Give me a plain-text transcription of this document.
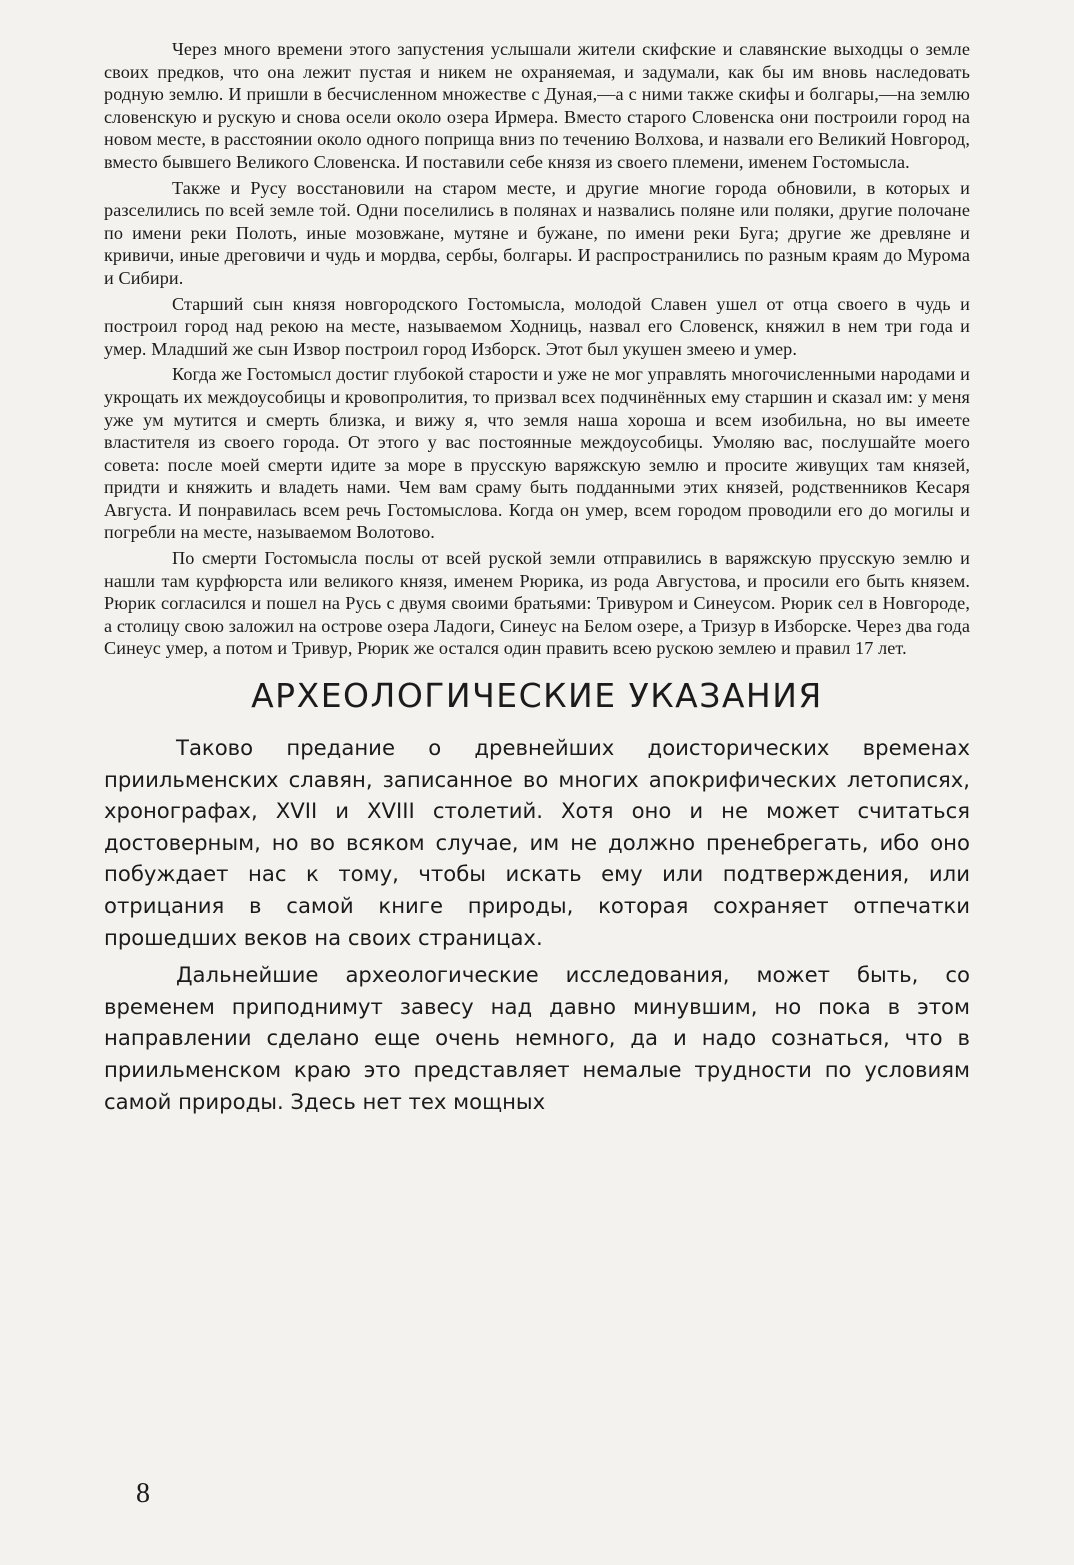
Через много времени этого запустения услышали жители скифские и славянские выходцы о земле своих предков, что она лежит пустая и никем не охраняемая, и задумали, как бы им вновь наследовать родную землю. И пришли в бесчисленном множестве с Дуная,—а с ними также скифы и болгары,—на землю словенскую и рускую и снова осели около озера Ирмера. Вместо старого Словенска они построили город на новом месте, в расстоянии около одного поприща вниз по течению Волхова, и назвали его Великий Новгород, вместо бывшего Великого Словенска. И поставили себе князя из своего племени, именем Гостомысла.

Также и Русу восстановили на старом месте, и другие многие города обновили, в которых и разселились по всей земле той. Одни поселились в полянах и назвались поляне или поляки, другие полочане по имени реки Полоть, иные мозовжане, мутяне и бужане, по имени реки Буга; другие же древляне и кривичи, иные дреговичи и чудь и мордва, сербы, болгары. И распространились по разным краям до Мурома и Сибири.

Старший сын князя новгородского Гостомысла, молодой Славен ушел от отца своего в чудь и построил город над рекою на месте, называемом Ходниць, назвал его Словенск, княжил в нем три года и умер. Младший же сын Извор построил город Изборск. Этот был укушен змеею и умер.

Когда же Гостомысл достиг глубокой старости и уже не мог управлять многочисленными народами и укрощать их междоусобицы и кровопролития, то призвал всех подчинённых ему старшин и сказал им: у меня уже ум мутится и смерть близка, и вижу я, что земля наша хороша и всем изобильна, но вы имеете властителя из своего города. От этого у вас постоянные междоусобицы. Умоляю вас, послушайте моего совета: после моей смерти идите за море в прусскую варяжскую землю и просите живущих там князей, придти и княжить и владеть нами. Чем вам сраму быть подданными этих князей, родственников Кесаря Августа. И понравилась всем речь Гостомыслова. Когда он умер, всем городом проводили его до могилы и погребли на месте, называемом Волотово.

По смерти Гостомысла послы от всей руской земли отправились в варяжскую прусскую землю и нашли там курфюрста или великого князя, именем Рюрика, из рода Августова, и просили его быть князем. Рюрик согласился и пошел на Русь с двумя своими братьями: Тривуром и Синеусом. Рюрик сел в Новгороде, а столицу свою заложил на острове озера Ладоги, Синеус на Белом озере, а Тризур в Изборске. Через два года Синеус умер, а потом и Тривур, Рюрик же остался один править всею рускою землею и правил 17 лет.

АРХЕОЛОГИЧЕСКИЕ УКАЗАНИЯ

Таково предание о древнейших доисторических временах приильменских славян, записанное во многих апокрифических летописях, хронографах, XVII и XVIII столетий. Хотя оно и не может считаться достоверным, но во всяком случае, им не должно пренебрегать, ибо оно побуждает нас к тому, чтобы искать ему или подтверждения, или отрицания в самой книге природы, которая сохраняет отпечатки прошедших веков на своих страницах.

Дальнейшие археологические исследования, может быть, со временем приподнимут завесу над давно минувшим, но пока в этом направлении сделано еще очень немного, да и надо сознаться, что в приильменском краю это представляет немалые трудности по условиям самой природы. Здесь нет тех мощных

8
